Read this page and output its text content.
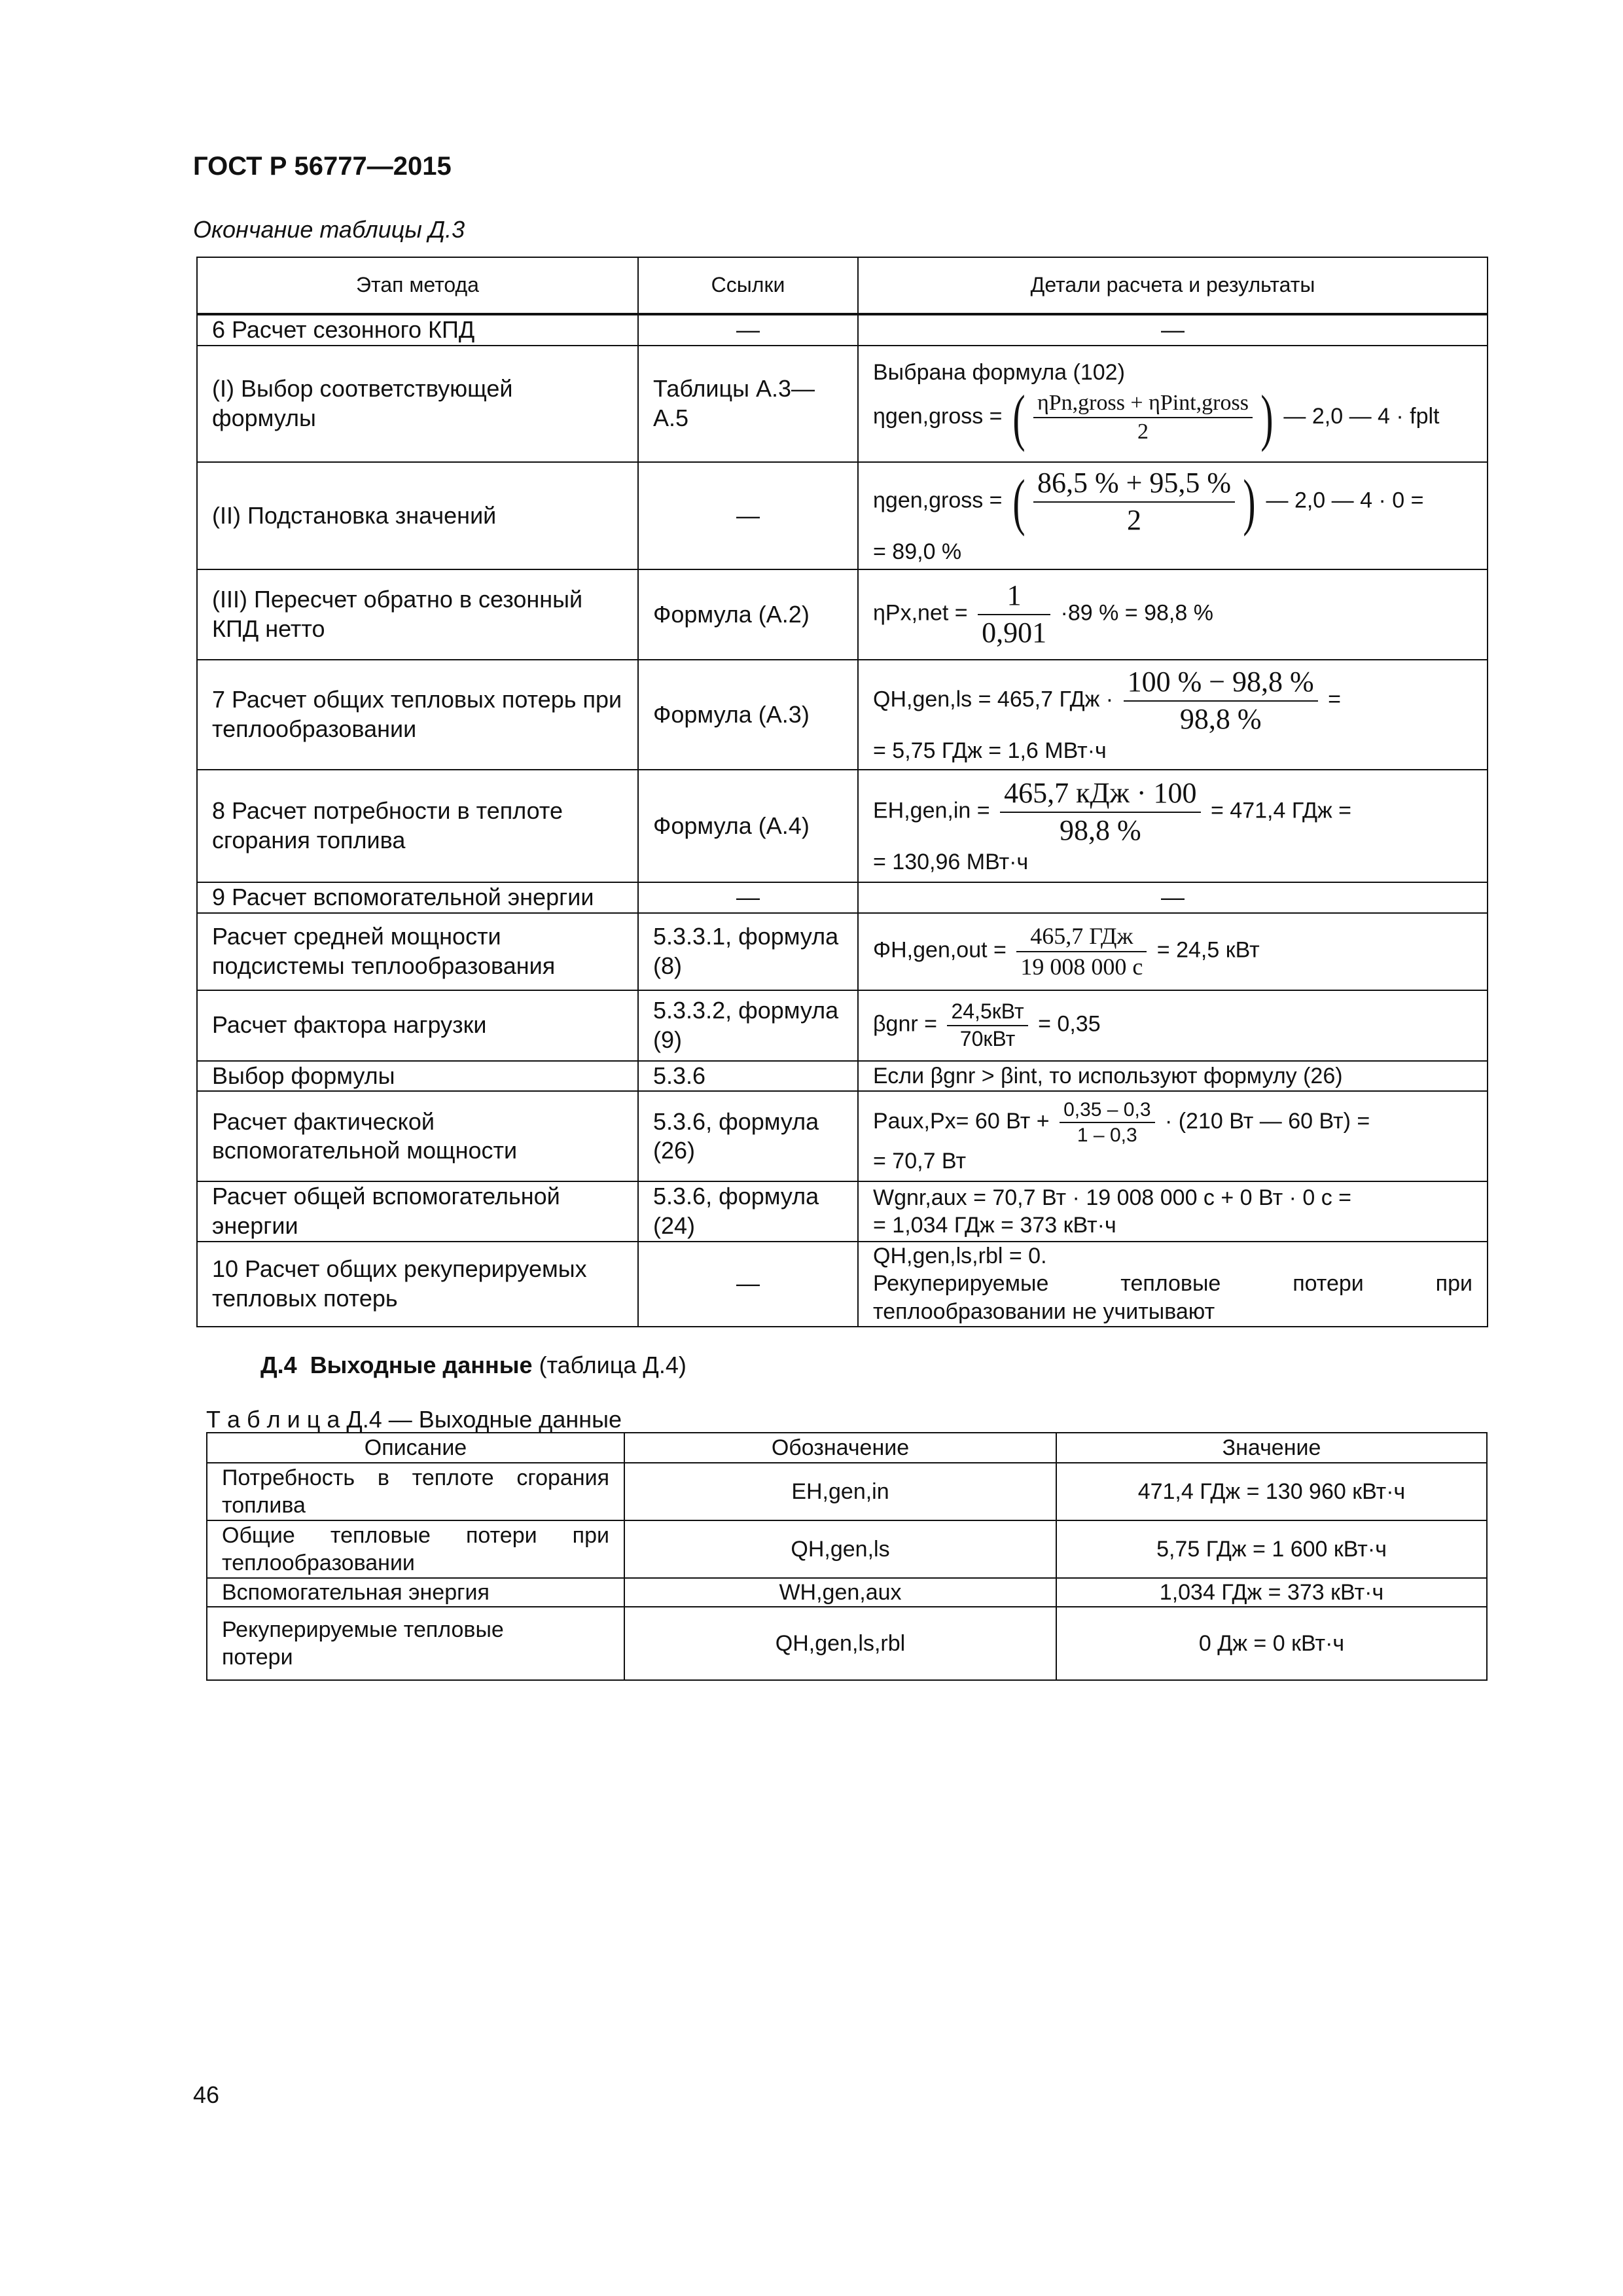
ГОСТ Р 56777—2015
Окончание таблицы Д.3
Этап метода	Ссылки	Детали расчета и результаты
6 Расчет сезонного КПД	—	—
(I) Выбор соответствующей формулы	Таблицы А.3—А.5	Выбрана формула (102)
ηgen,gross = ( $\frac{\text{ηPn,gross + ηPint,gross}}{2}$ ) — 2,0 — 4 · fplt

(II) Подстановка значений	—	ηgen,gross = ( $\frac{86,5 \% + 95,5 \%}{2}$ ) — 2,0 — 4 · 0 =
= 89,0 %

(III) Пересчет обратно в сезонный КПД нетто	Формула (А.2)	$\eta Px,net = \frac{1}{0,901} \cdot 89$ % = 98,8 %
7 Расчет общих тепловых потерь при теплообразовании	Формула (А.3)	QH,gen,ls = 465,7 ГДж · $\frac{100 \% - 98,8 \%}{98,8 \%}$ =
= 5,75 ГДж = 1,6 МВт·ч

8 Расчет потребности в теплоте сгорания топлива	Формула (А.4)	$EH,gen,in = \frac{\text{465,7 кДж · 100}}{98,8 \%} = 471,4$ ГДж =
= 130,96 МВт·ч

9 Расчет вспомогательной энергии	—	—
Расчет средней мощности подсистемы теплообразования	5.3.3.1, формула (8)	$\Phi H,gen,out = \frac{\text{465,7 ГДж}}{19 008 000 с} = 24,5$ кВт
Расчет фактора нагрузки	5.3.3.2, формула (9)	$\beta gnr = \frac{\text{24,5кВт}}{\text{70кВт}} = 0,35$
Выбор формулы	5.3.6	Если βgnr > βint, то используют формулу (26)
Расчет фактической вспомогательной мощности	5.3.6, формула (26)	Paux,Px= 60 Вт + $\frac{0,35 - 0,3}{1 - 0,3} \cdot (210$ Вт — 60 Вт) =
= 70,7 Вт

Расчет общей вспомогательной энергии	5.3.6, формула (24)	Wgnr,aux = 70,7 Вт · 19 008 000 с + 0 Вт · 0 с =
= 1,034 ГДж = 373 кВт·ч

10 Расчет общих рекуперируемых тепловых потерь	—	QH,gen,ls,rbl = 0.
Рекуперируемые тепловые потери при
теплообразовании не учитывают
Д.4 Выходные данные (таблица Д.4)
Т а б л и ц а Д.4 — Выходные данные
Описание	Обозначение	Значение

Потребность в теплоте сгорания
топлива	EH,gen,in	471,4 ГДж = 130 960 кВт·ч

Общие тепловые потери при
теплообразовании	QH,gen,ls	5,75 ГДж = 1 600 кВт·ч

Вспомогательная энергия	WH,gen,aux	1,034 ГДж = 373 кВт·ч

Рекуперируемые тепловые
потери	QH,gen,ls,rbl	0 Дж = 0 кВт·ч
46
